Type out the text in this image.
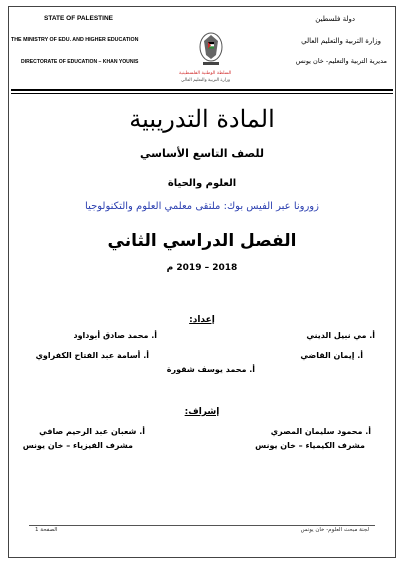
STATE OF PALESTINE
THE MINISTRY OF EDU. AND HIGHER EDUCATION
DIRECTORATE OF EDUCATION – KHAN YOUNIS
دولة فلسطين
وزارة التربية والتعليم العالي
مديرية التربية والتعليم- خان يونس
السلطة الوطنية الفلسطينية
وزارة التربية والتعليم العالي
المادة التدريبية
للصف التاسع الأساسي
العلوم والحياة
زورونا عبر الفيس بوك: ملتقى معلمي العلوم والتكنولوجيا
الفصل الدراسي الثاني
2018 – 2019 م
إعداد:
أ. مي نبيل الديني
أ. محمد صادق أبوداود
أ. إيمان القاضي
أ. أسامة عبد الفتاح الكفراوي
أ. محمد يوسف شقورة
إشراف:
أ. محمود سليمان المصري
أ. شعبان عبد الرحيم صافي
مشرف الكيمياء – خان يونس
مشرف الفيزياء – خان يونس
الصفحة 1	لجنة مبحث العلوم- خان يونس
